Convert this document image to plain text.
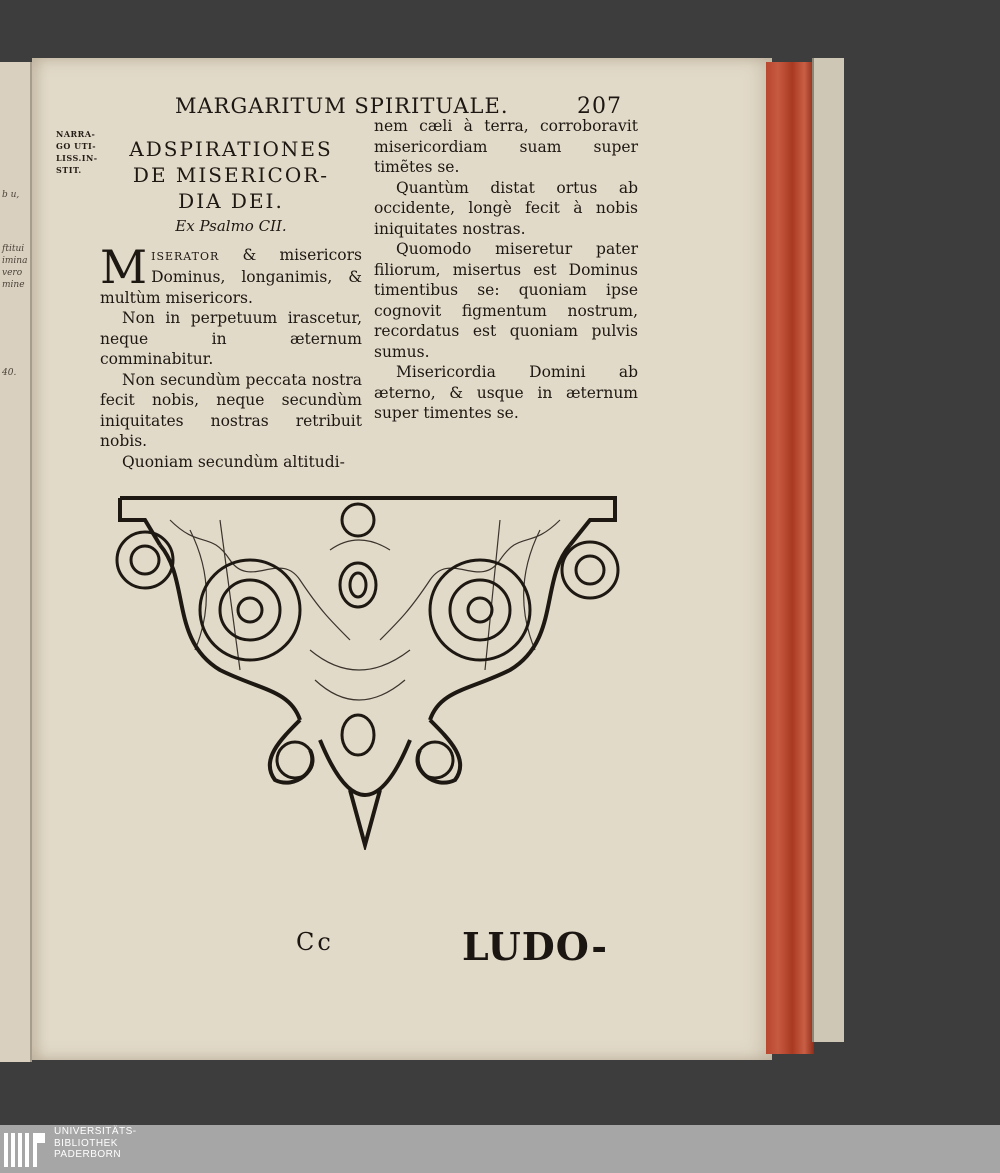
b u,
ftitui
imina
vero
mine
40.
MARGARITUM SPIRITUALE.	207
NARRA-
GO UTI-
LISS.IN-
STIT.
ADSPIRATIONES
DE MISERICOR-
DIA DEI.
Ex Psalmo CII.

MISERATOR & misericors Dominus, longanimis, & multùm misericors.

Non in perpetuum irascetur, neque in æternum comminabitur.

Non secundùm peccata nostra fecit nobis, neque secundùm iniquitates nostras retribuit nobis.

Quoniam secundùm altitudi-

nem cæli à terra, corroboravit misericordiam suam super timẽtes se.

Quantùm distat ortus ab occidente, longè fecit à nobis iniquitates nostras.

Quomodo miseretur pater filiorum, misertus est Dominus timentibus se: quoniam ipse cognovit figmentum nostrum, recordatus est quoniam pulvis sumus.

Misericordia Domini ab æterno, & usque in æternum super timentes se.

Cc	LUDO-
UNIVERSITÄTS-
BIBLIOTHEK
PADERBORN
